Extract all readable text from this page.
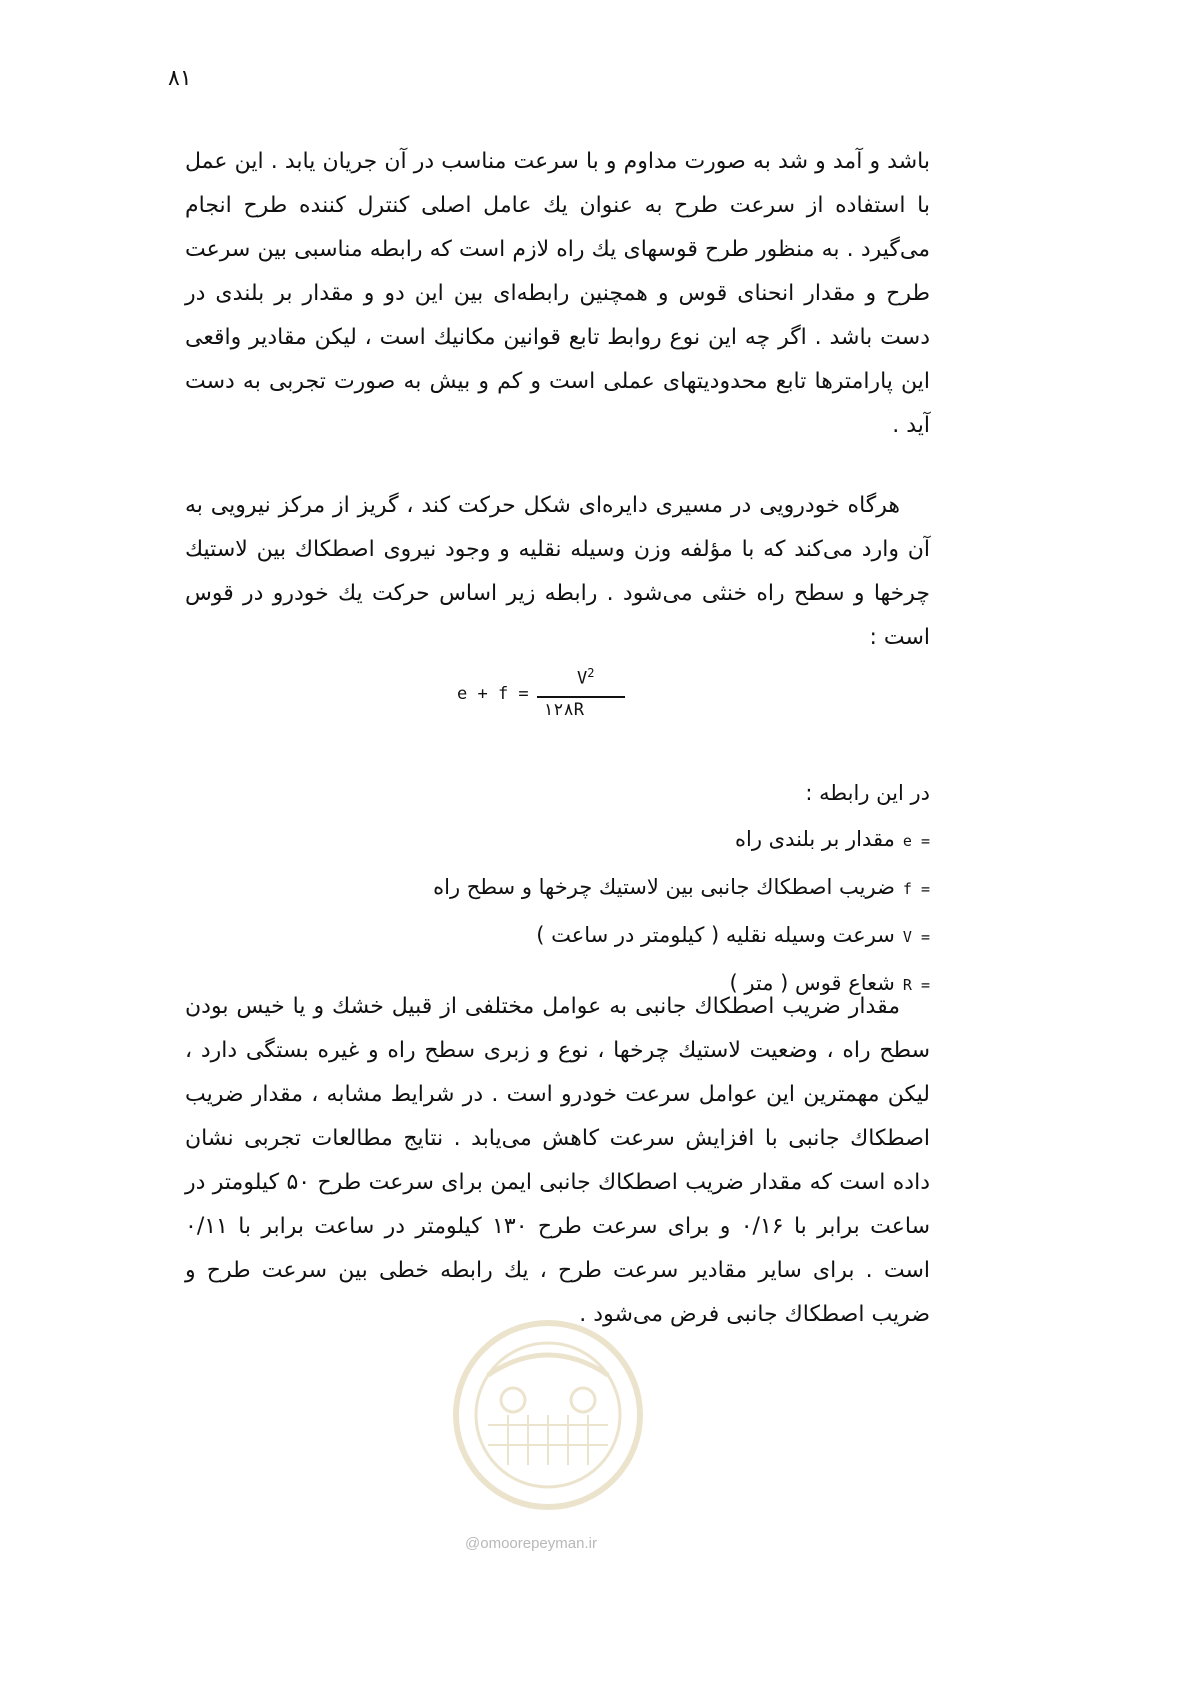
۸۱

باشد و آمد و شد به صورت مداوم و با سرعت مناسب در آن جریان یابد . این عمل با استفاده از سرعت طرح به عنوان یك عامل اصلی کنترل کننده طرح انجام می‌گیرد . به منظور طرح قوسهای یك راه لازم است که رابطه مناسبی بین سرعت طرح و مقدار انحنای قوس و همچنین رابطه‌ای بین این دو و مقدار بر بلندی در دست باشد . اگر چه این نوع روابط تابع قوانین مکانیك است ، لیکن مقادیر واقعی این پارامترها تابع محدودیتهای عملی است و کم و بیش به صورت تجربی به دست آید .

هرگاه خودرویی در مسیری دایره‌ای شکل حرکت کند ، گریز از مرکز نیرویی به آن وارد می‌کند که با مؤلفه وزن وسیله نقلیه و وجود نیروی اصطکاك بین لاستیك چرخها و سطح راه خنثی می‌شود . رابطه زیر اساس حرکت یك خودرو در قوس است :

e + f =
$V^2$
۱۲۸R
در این رابطه :
e =
مقدار بر بلندی راه
f =
ضریب اصطکاك جانبی بین لاستیك چرخها و سطح راه
V =
سرعت وسیله نقلیه ( کیلومتر در ساعت )
R =
شعاع قوس ( متر )

مقدار ضریب اصطکاك جانبی به عوامل مختلفی از قبیل خشك و یا خیس بودن سطح راه ، وضعیت لاستیك چرخها ، نوع و زبری سطح راه و غیره بستگی دارد ، لیکن مهمترین این عوامل سرعت خودرو است . در شرایط مشابه ، مقدار ضریب اصطکاك جانبی با افزایش سرعت کاهش می‌یابد . نتایج مطالعات تجربی نشان داده است که مقدار ضریب اصطکاك جانبی ایمن برای سرعت طرح ۵۰ کیلومتر در ساعت برابر با ۰/۱۶ و برای سرعت طرح ۱۳۰ کیلومتر در ساعت برابر با ۰/۱۱ است . برای سایر مقادیر سرعت طرح ، یك رابطه خطی بین سرعت طرح و ضریب اصطکاك جانبی فرض می‌شود .

@omoorepeyman.ir
